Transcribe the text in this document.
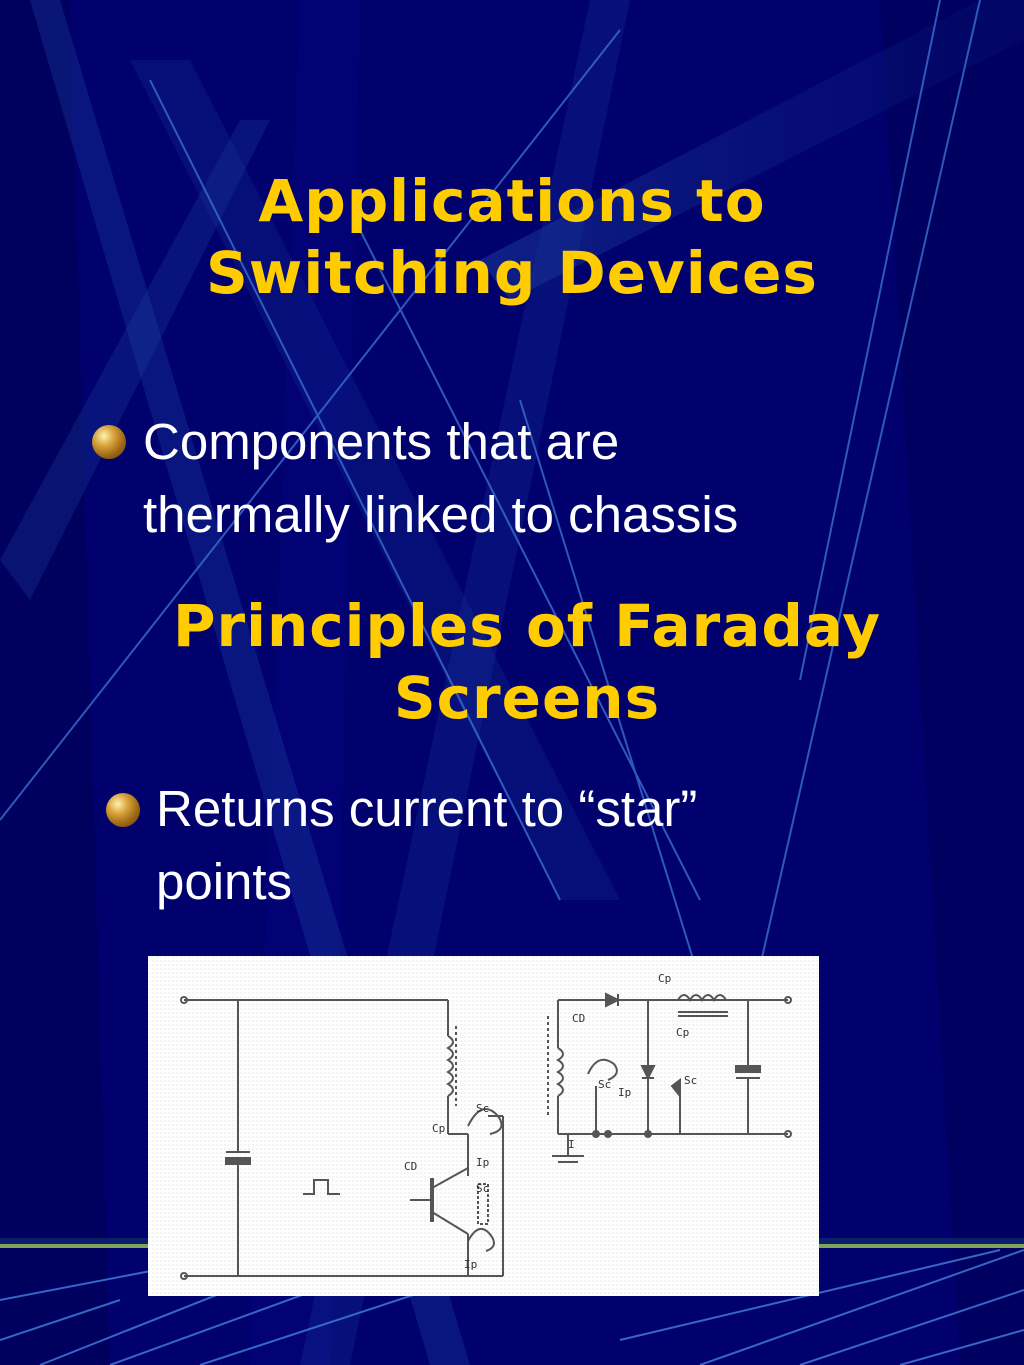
Applications to
Switching Devices
Components that are
thermally linked to chassis
Principles of Faraday
Screens
Returns current to “star”
points
Cp
Sc
CD	Ip
Sc
Ip
Cp
CD
Cp
Sc
Ip
Sc
I
